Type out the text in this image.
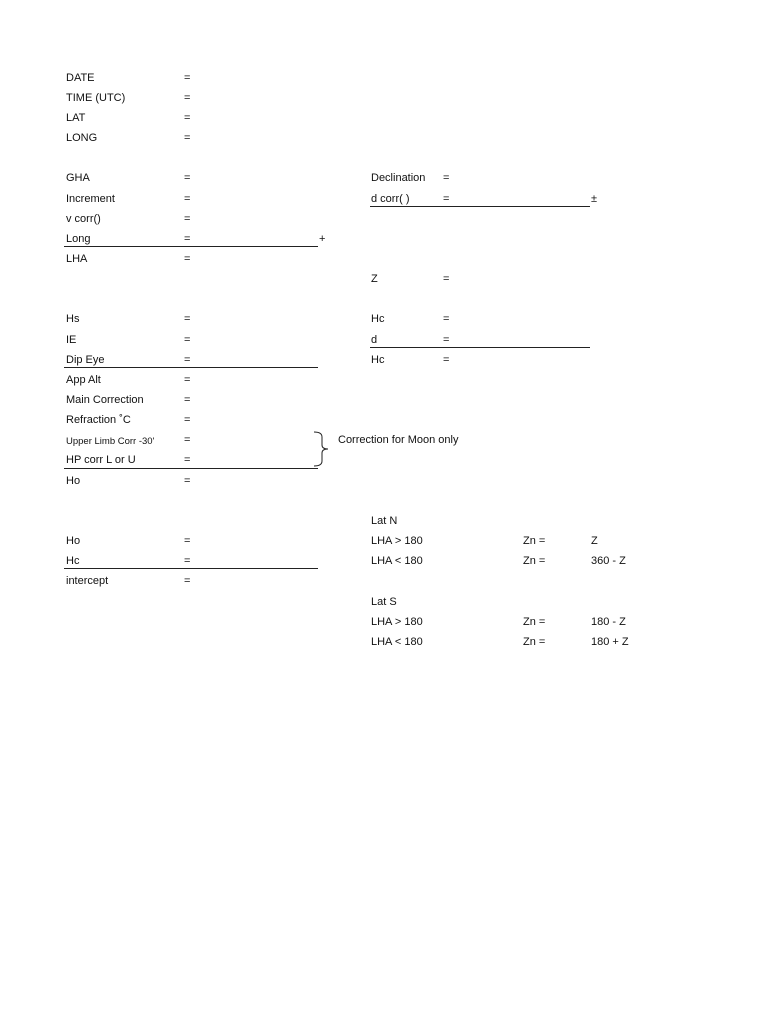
DATE	=
TIME (UTC)	=
LAT	=
LONG	=
GHA	=
Increment	=
v corr()	=
Long	=	+
LHA	=
Declination =
d corr( )	=	±
Z	=
Hs	=
IE	=
Dip Eye	=
App Alt	=
Main Correction	=
Refraction ˚C	=
Upper Limb Corr -30'	=
HP corr L or U	=
Ho	=
Correction for Moon only
Hc	=
d	=
Hc	=
Ho	=
Hc	=
intercept	=
Lat N
LHA > 180	Zn =	Z
LHA < 180	Zn =	360 - Z
Lat S
LHA > 180	Zn =	180 - Z
LHA < 180	Zn =	180 + Z
